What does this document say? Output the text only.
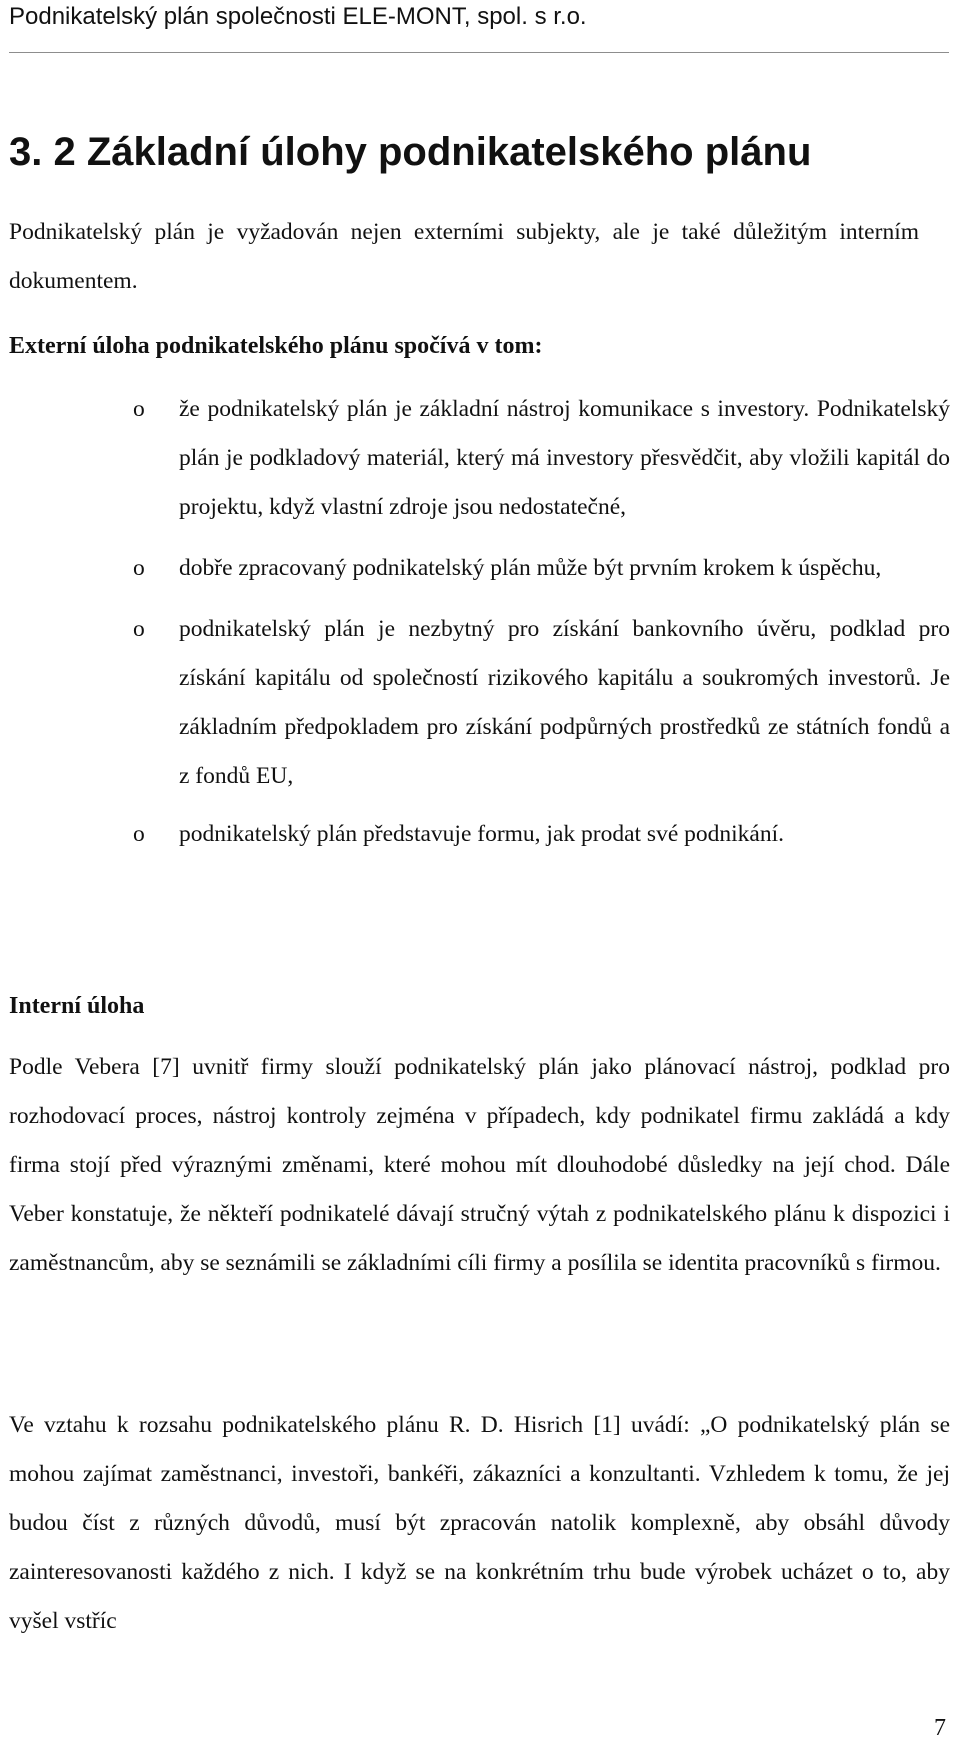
Podnikatelský plán společnosti ELE-MONT, spol. s r.o.
3. 2 Základní úlohy podnikatelského plánu

Podnikatelský plán je vyžadován nejen externími subjekty, ale je také důležitým interním dokumentem.

Externí úloha podnikatelského plánu spočívá v tom:
o	že podnikatelský plán je základní nástroj komunikace s investory. Podnikatelský plán je podkladový materiál, který má investory přesvědčit, aby vložili kapitál do projektu, když vlastní zdroje jsou nedostatečné,
o	dobře zpracovaný podnikatelský plán může být prvním krokem k úspěchu,
o	podnikatelský plán je nezbytný pro získání bankovního úvěru, podklad pro získání kapitálu od společností rizikového kapitálu a soukromých investorů. Je základním předpokladem pro získání podpůrných prostředků ze státních fondů a z fondů EU,
o	podnikatelský plán představuje formu, jak prodat své podnikání.
Interní úloha

Podle Vebera [7] uvnitř firmy slouží podnikatelský plán jako plánovací nástroj, podklad pro rozhodovací proces, nástroj kontroly zejména v případech, kdy podnikatel firmu zakládá a kdy firma stojí před výraznými změnami, které mohou mít dlouhodobé důsledky na její chod. Dále Veber konstatuje, že někteří podnikatelé dávají stručný výtah z podnikatelského plánu k dispozici i zaměstnancům, aby se seznámili se základními cíli firmy a posílila se identita pracovníků s firmou.

Ve vztahu k rozsahu podnikatelského plánu R. D. Hisrich [1] uvádí: „O podnikatelský plán se mohou zajímat zaměstnanci, investoři, bankéři, zákazníci a konzultanti. Vzhledem k tomu, že jej budou číst z různých důvodů, musí být zpracován natolik komplexně, aby obsáhl důvody zainteresovanosti každého z nich. I když se na konkrétním trhu bude výrobek ucházet o to, aby vyšel vstříc

7
